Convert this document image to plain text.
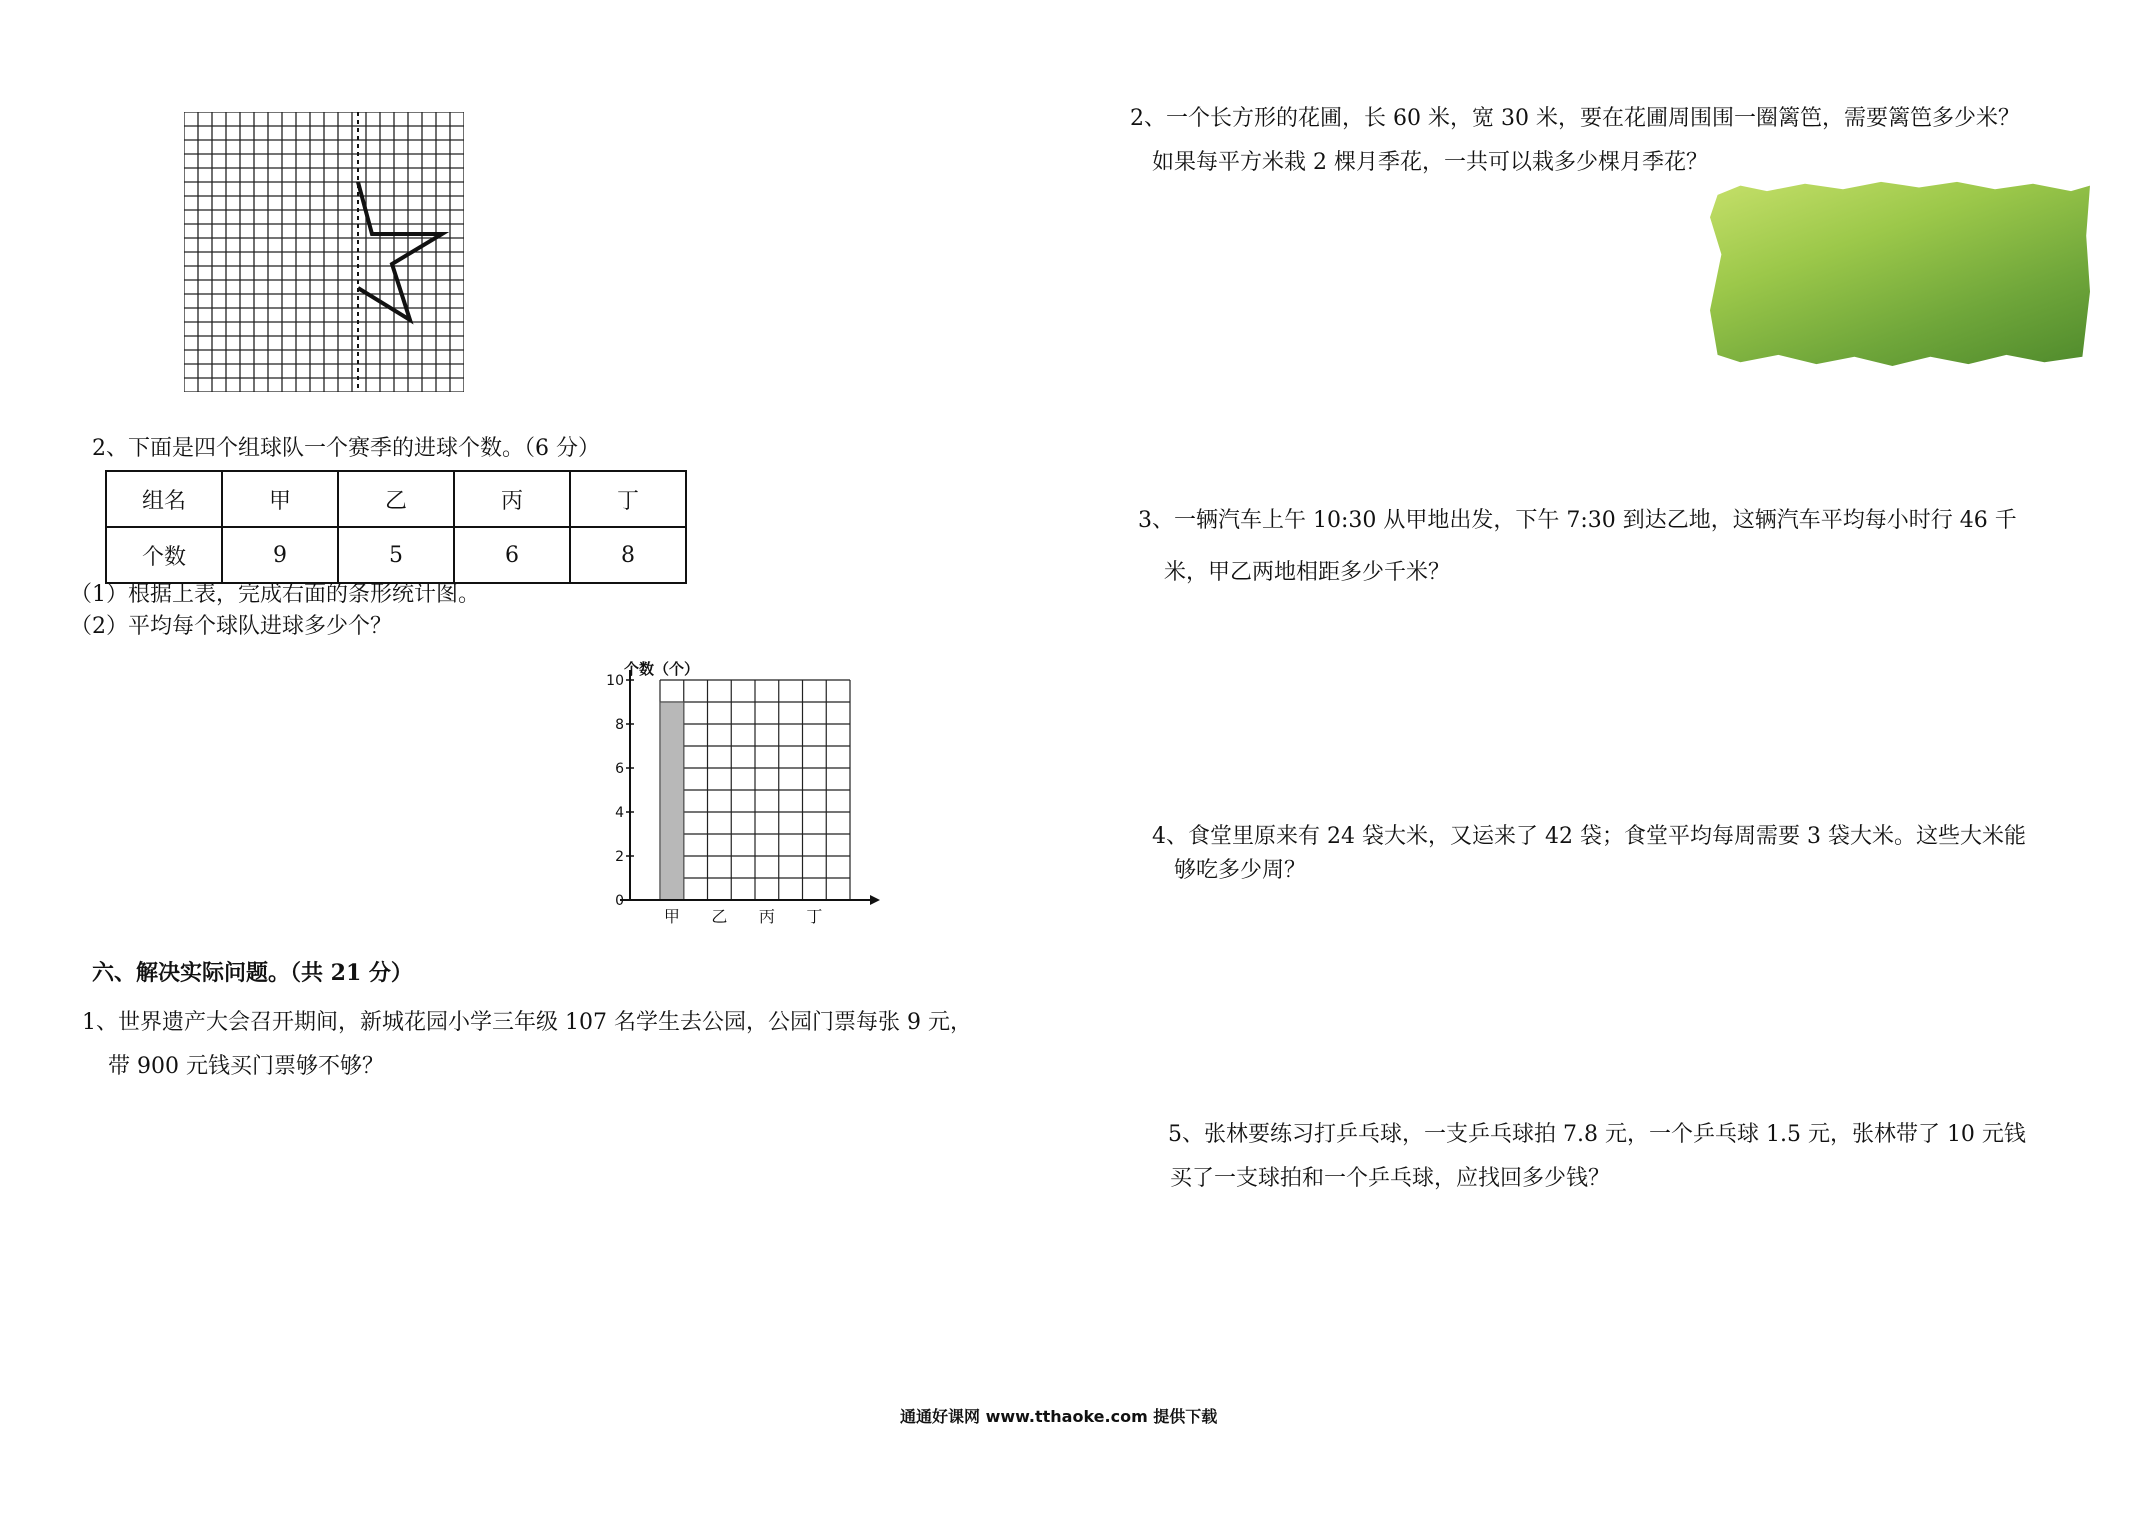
2、下面是四个组球队一个赛季的进球个数。（6 分）
组名	甲	乙	丙	丁
个数	9	5	6	8
（1）根据上表，完成右面的条形统计图。
（2）平均每个球队进球多少个？
0
2
4
6
8
10
甲 乙 丙 丁
个数（个）
六、解决实际问题。（共 21 分）
1、世界遗产大会召开期间，新城花园小学三年级 107 名学生去公园，公园门票每张 9 元，
带 900 元钱买门票够不够？
2、一个长方形的花圃，长 60 米，宽 30 米，要在花圃周围围一圈篱笆，需要篱笆多少米？
如果每平方米栽 2 棵月季花，一共可以栽多少棵月季花？
3、一辆汽车上午 10:30 从甲地出发，下午 7:30 到达乙地，这辆汽车平均每小时行 46 千
米，甲乙两地相距多少千米？
4、食堂里原来有 24 袋大米，又运来了 42 袋；食堂平均每周需要 3 袋大米。这些大米能
够吃多少周？
5、张林要练习打乒乓球，一支乒乓球拍 7.8 元，一个乒乓球 1.5 元，张林带了 10 元钱
买了一支球拍和一个乒乓球，应找回多少钱？
通通好课网 www.tthaoke.com 提供下载
